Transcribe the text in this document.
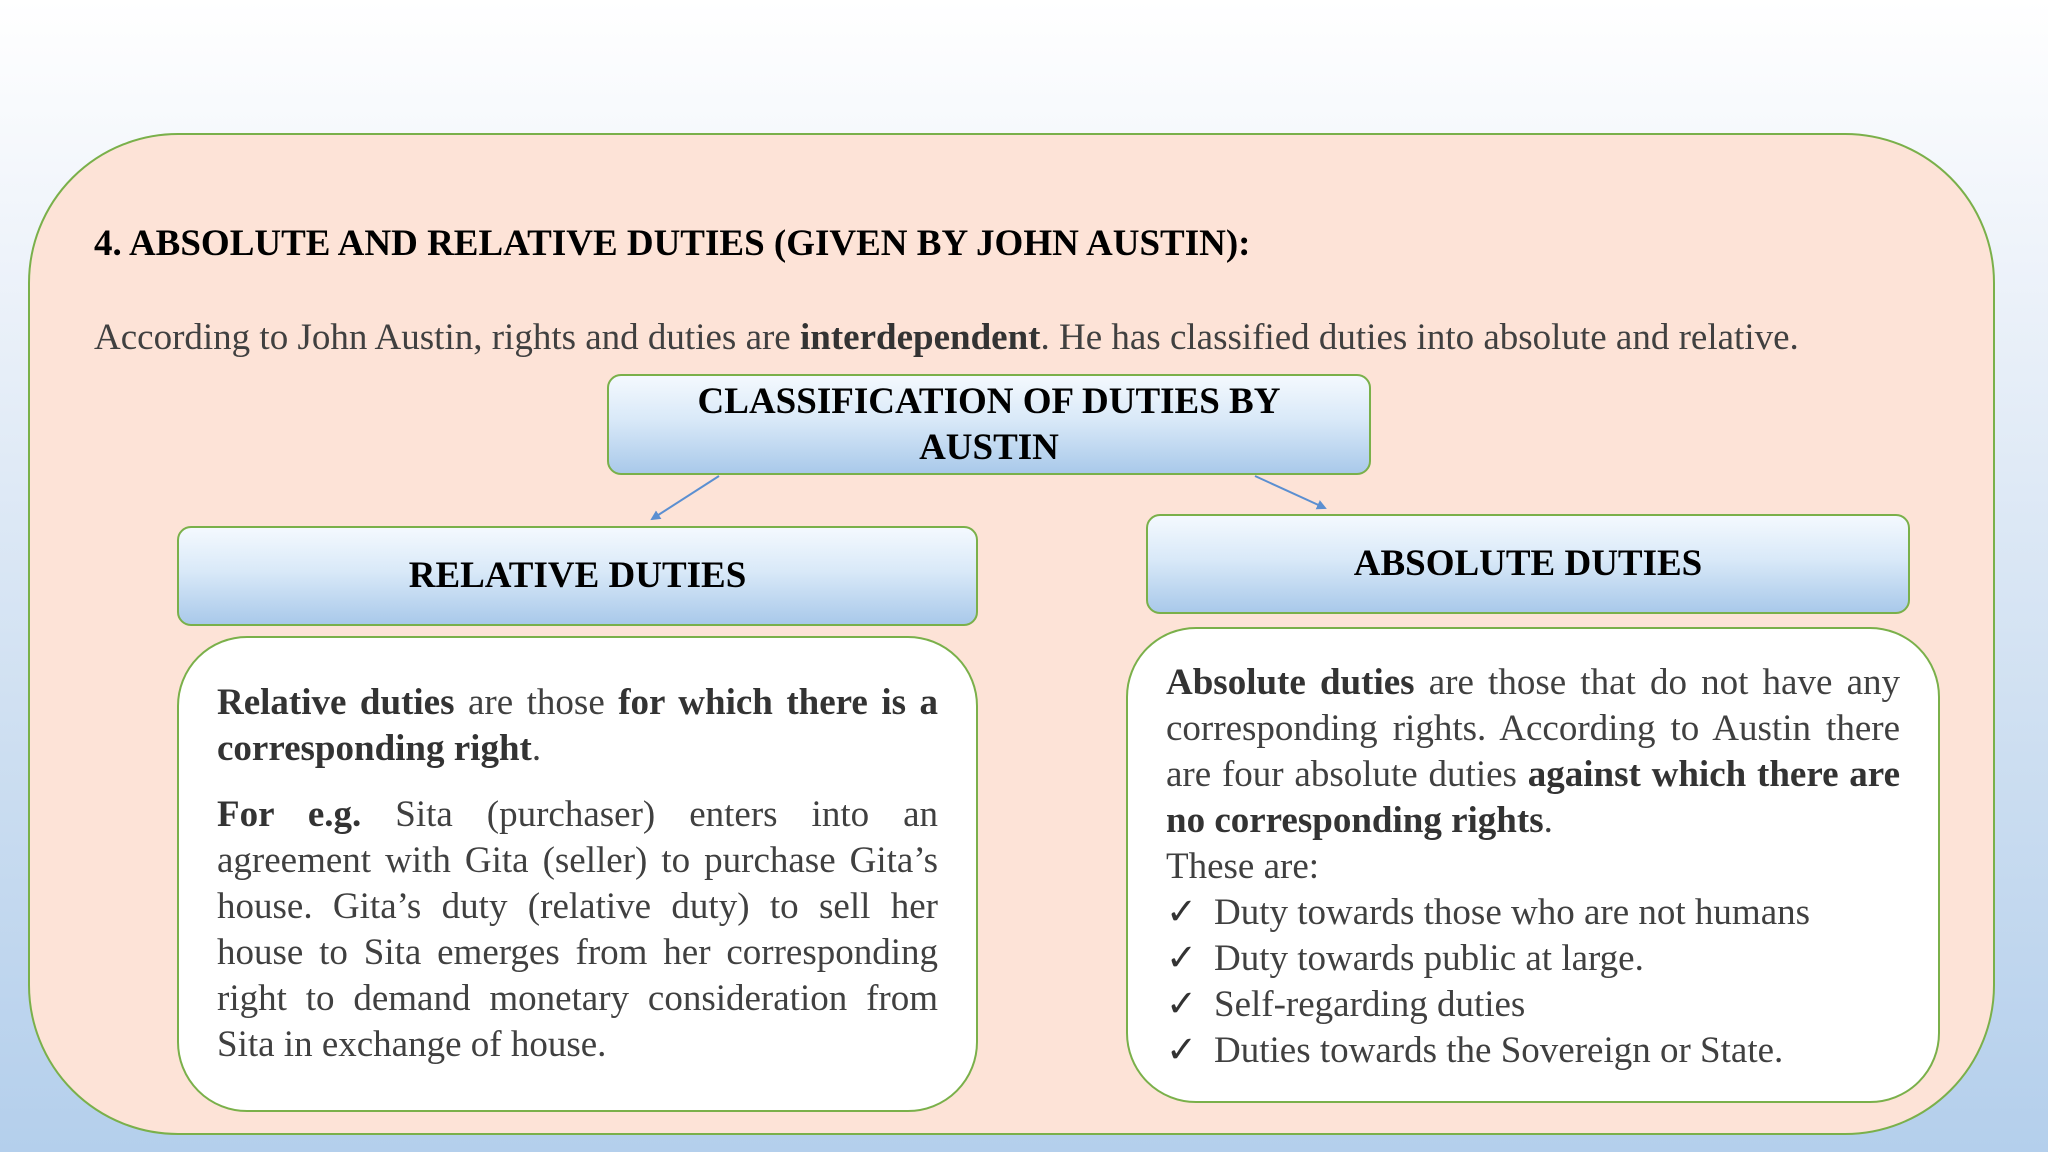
4. ABSOLUTE AND RELATIVE DUTIES (GIVEN BY JOHN AUSTIN):

According to John Austin, rights and duties are interdependent. He has classified duties into absolute and relative.

CLASSIFICATION OF DUTIES BY AUSTIN
RELATIVE DUTIES	ABSOLUTE DUTIES

Relative duties are those for which there is a corresponding right.

For e.g. Sita (purchaser) enters into an agreement with Gita (seller) to purchase Gita’s house. Gita’s duty (relative duty) to sell her house to Sita emerges from her corresponding right to demand monetary consideration from Sita in exchange of house.

Absolute duties are those that do not have any corresponding rights. According to Austin there are four absolute duties against which there are no corresponding rights.

These are:

✓ Duty towards those who are not humans
✓ Duty towards public at large.
✓ Self-regarding duties
✓ Duties towards the Sovereign or State.
